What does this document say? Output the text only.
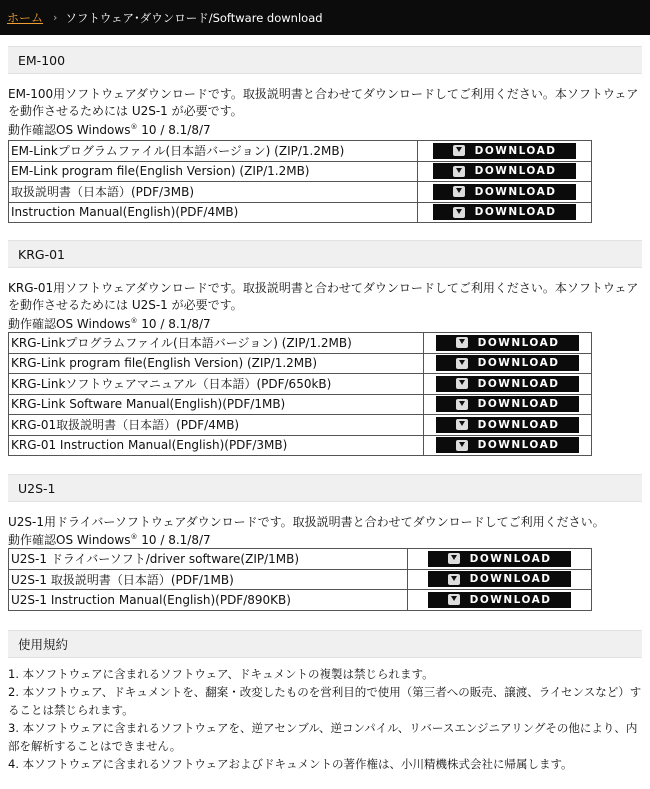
ホーム › ソフトウェア･ダウンロード/Software download
EM-100
EM-100用ソフトウェアダウンロードです。取扱説明書と合わせてダウンロードしてご利用ください。本ソフトウェアを動作させるためには U2S-1 が必要です。
動作確認OS Windows® 10 / 8.1/8/7
EM-Linkプログラムファイル(日本語バージョン) (ZIP/1.2MB)	DOWNLOAD

EM-Link program file(English Version) (ZIP/1.2MB)	DOWNLOAD

取扱説明書（日本語）(PDF/3MB)	DOWNLOAD

Instruction Manual(English)(PDF/4MB)	DOWNLOAD
KRG-01
KRG-01用ソフトウェアダウンロードです。取扱説明書と合わせてダウンロードしてご利用ください。本ソフトウェアを動作させるためには U2S-1 が必要です。
動作確認OS Windows® 10 / 8.1/8/7
KRG-Linkプログラムファイル(日本語バージョン) (ZIP/1.2MB)	DOWNLOAD

KRG-Link program file(English Version) (ZIP/1.2MB)	DOWNLOAD

KRG-Linkソフトウェアマニュアル（日本語）(PDF/650kB)	DOWNLOAD

KRG-Link Software Manual(English)(PDF/1MB)	DOWNLOAD

KRG-01取扱説明書（日本語）(PDF/4MB)	DOWNLOAD

KRG-01 Instruction Manual(English)(PDF/3MB)	DOWNLOAD
U2S-1
U2S-1用ドライバーソフトウェアダウンロードです。取扱説明書と合わせてダウンロードしてご利用ください。
動作確認OS Windows® 10 / 8.1/8/7
U2S-1 ドライバーソフト/driver software(ZIP/1MB)	DOWNLOAD

U2S-1 取扱説明書（日本語）(PDF/1MB)	DOWNLOAD

U2S-1 Instruction Manual(English)(PDF/890KB)	DOWNLOAD
使用規約
1. 本ソフトウェアに含まれるソフトウェア、ドキュメントの複製は禁じられます。
2. 本ソフトウェア、ドキュメントを、翻案・改変したものを営利目的で使用（第三者への販売、譲渡、ライセンスなど）することは禁じられます。
3. 本ソフトウェアに含まれるソフトウェアを、逆アセンブル、逆コンパイル、リバースエンジニアリングその他により、内部を解析することはできません。
4. 本ソフトウェアに含まれるソフトウェアおよびドキュメントの著作権は、小川精機株式会社に帰属します。
